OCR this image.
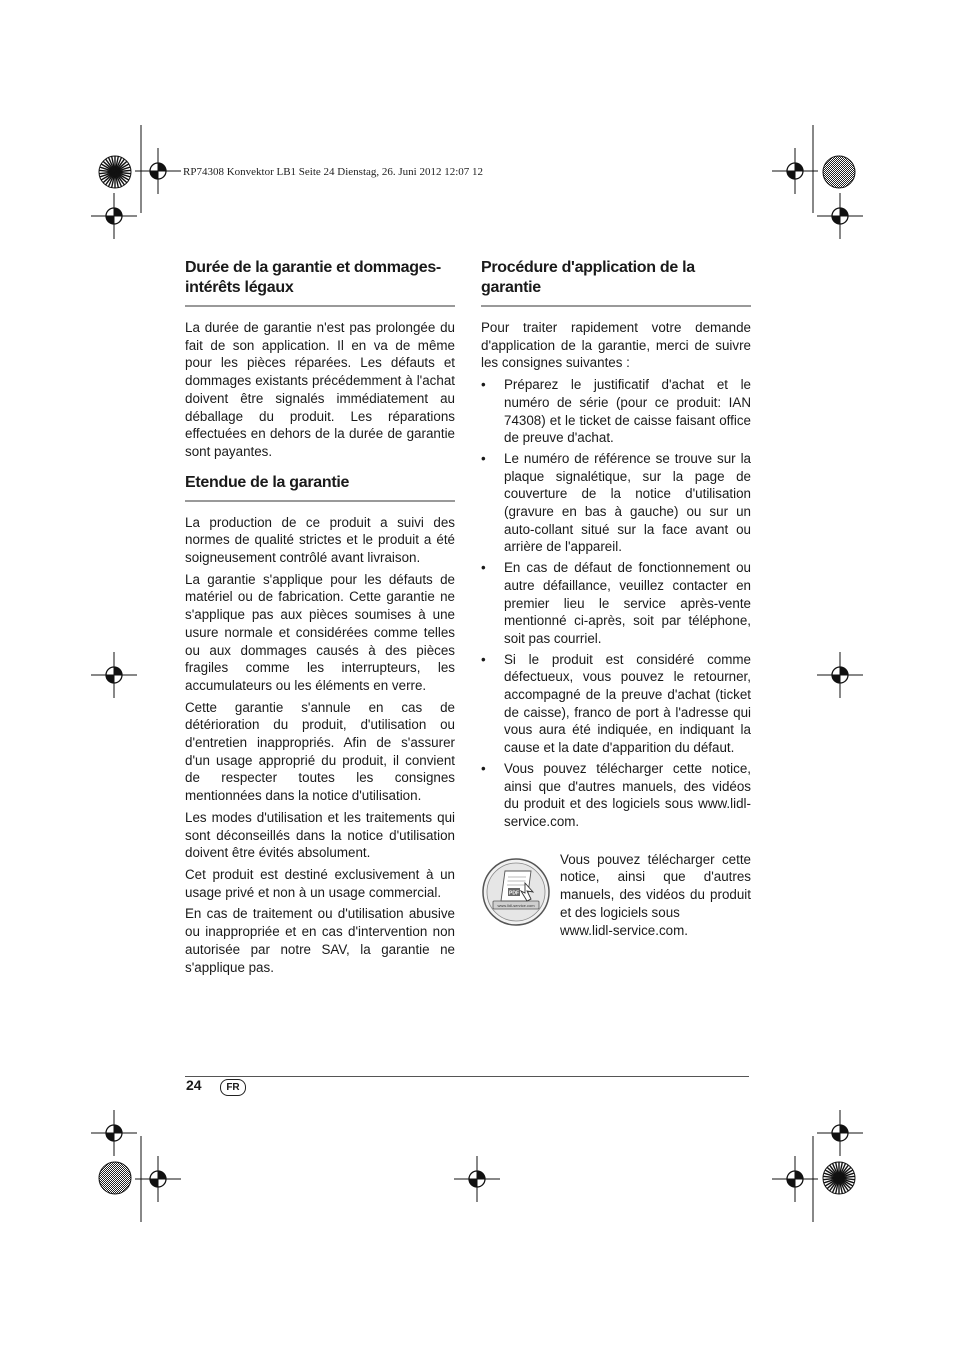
RP74308 Konvektor LB1 Seite 24 Dienstag, 26. Juni 2012 12:07 12
Durée de la garantie et dommages-intérêts légaux

La durée de garantie n'est pas prolongée du fait de son application. Il en va de même pour les pièces réparées. Les défauts et dommages existants précédemment à l'achat doivent être signalés immédiatement au déballage du produit. Les réparations effectuées en dehors de la durée de garantie sont payantes.

Etendue de la garantie

La production de ce produit a suivi des normes de qualité strictes et le produit a été soigneusement contrôlé avant livraison.

La garantie s'applique pour les défauts de matériel ou de fabrication. Cette garantie ne s'applique pas aux pièces soumises à une usure normale et considérées comme telles ou aux dommages causés à des pièces fragiles comme les interrupteurs, les accumulateurs ou les éléments en verre.

Cette garantie s'annule en cas de détérioration du produit, d'utilisation ou d'entretien inappropriés. Afin de s'assurer d'un usage approprié du produit, il convient de respecter toutes les consignes mentionnées dans la notice d'utilisation.

Les modes d'utilisation et les traitements qui sont déconseillés dans la notice d'utilisation doivent être évités absolument.

Cet produit est destiné exclusivement à un usage privé et non à un usage commercial.

En cas de traitement ou d'utilisation abusive ou inappropriée et en cas d'intervention non autorisée par notre SAV, la garantie ne s'applique pas.

Procédure d'application de la garantie

Pour traiter rapidement votre demande d'application de la garantie, merci de suivre les consignes suivantes :

• Préparez le justificatif d'achat et le numéro de série (pour ce produit: IAN 74308) et le ticket de caisse faisant office de preuve d'achat.
• Le numéro de référence se trouve sur la plaque signalétique, sur la page de couverture de la notice d'utilisation (gravure en bas à gauche) ou sur un auto-collant situé sur la face avant ou arrière de l'appareil.
• En cas de défaut de fonctionnement ou autre défaillance, veuillez contacter en premier lieu le service après-vente mentionné ci-après, soit par téléphone, soit pas courriel.
• Si le produit est considéré comme défectueux, vous pouvez le retourner, accompagné de la preuve d'achat (ticket de caisse), franco de port à l'adresse qui vous aura été indiquée, en indiquant la cause et la date d'apparition du défaut.
• Vous pouvez télécharger cette notice, ainsi que d'autres manuels, des vidéos du produit et des logiciels sous www.lidl-service.com.
PDF
www.lidl-service.com
Vous pouvez télécharger cette notice, ainsi que d'autres manuels, des vidéos du produit et des logiciels sous
www.lidl-service.com.
24	FR
